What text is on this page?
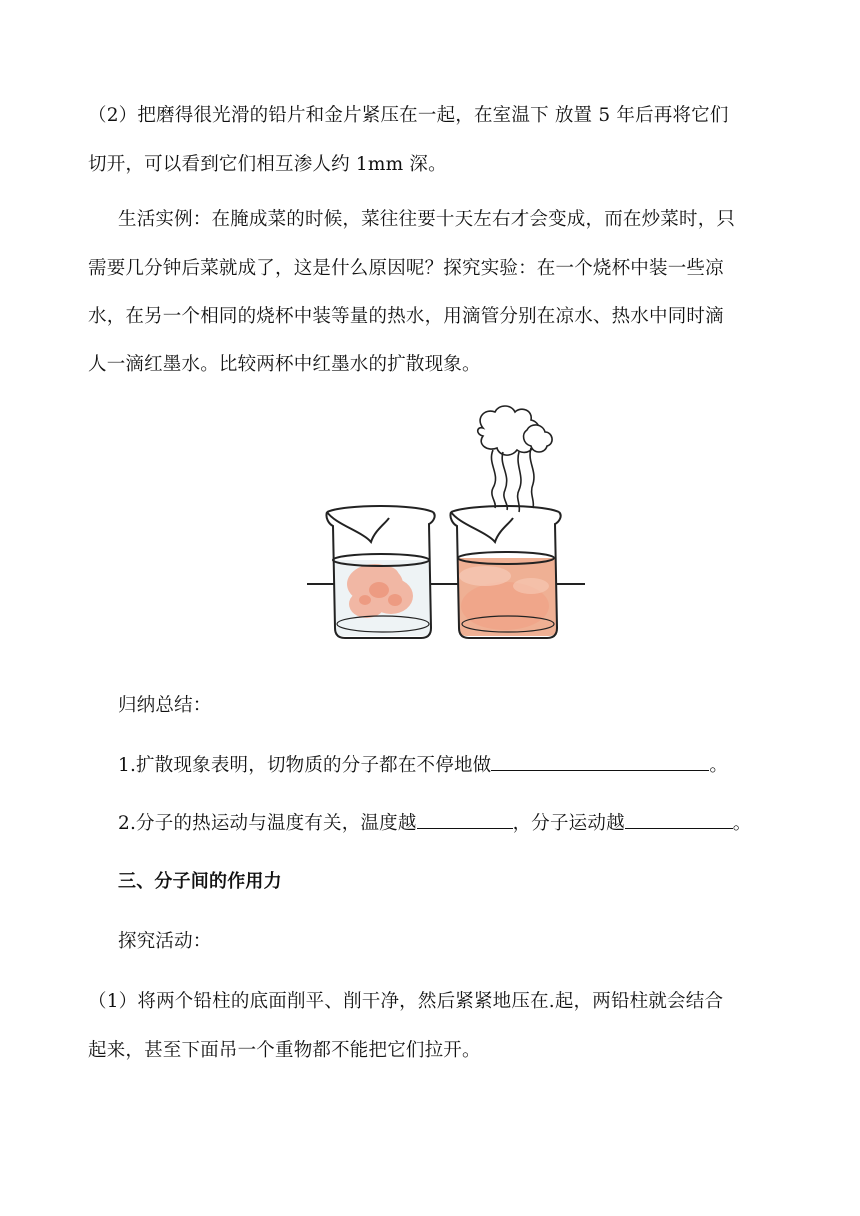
（2）把磨得很光滑的铅片和金片紧压在一起，在室温下 放置 5 年后再将它们
切开，可以看到它们相互渗人约 1mm 深。
生活实例：在腌成菜的时候，菜往往要十天左右才会变成，而在炒菜时，只
需要几分钟后菜就成了，这是什么原因呢？探究实验：在一个烧杯中装一些凉
水，在另一个相同的烧杯中装等量的热水，用滴管分别在凉水、热水中同时滴
人一滴红墨水。比较两杯中红墨水的扩散现象。
归纳总结：
1.扩散现象表明，切物质的分子都在不停地做	。
2.分子的热运动与温度有关，温度越	，分子运动越	。
三、分子间的作用力
探究活动：
（1）将两个铅柱的底面削平、削干净，然后紧紧地压在.起，两铅柱就会结合
起来，甚至下面吊一个重物都不能把它们拉开。
